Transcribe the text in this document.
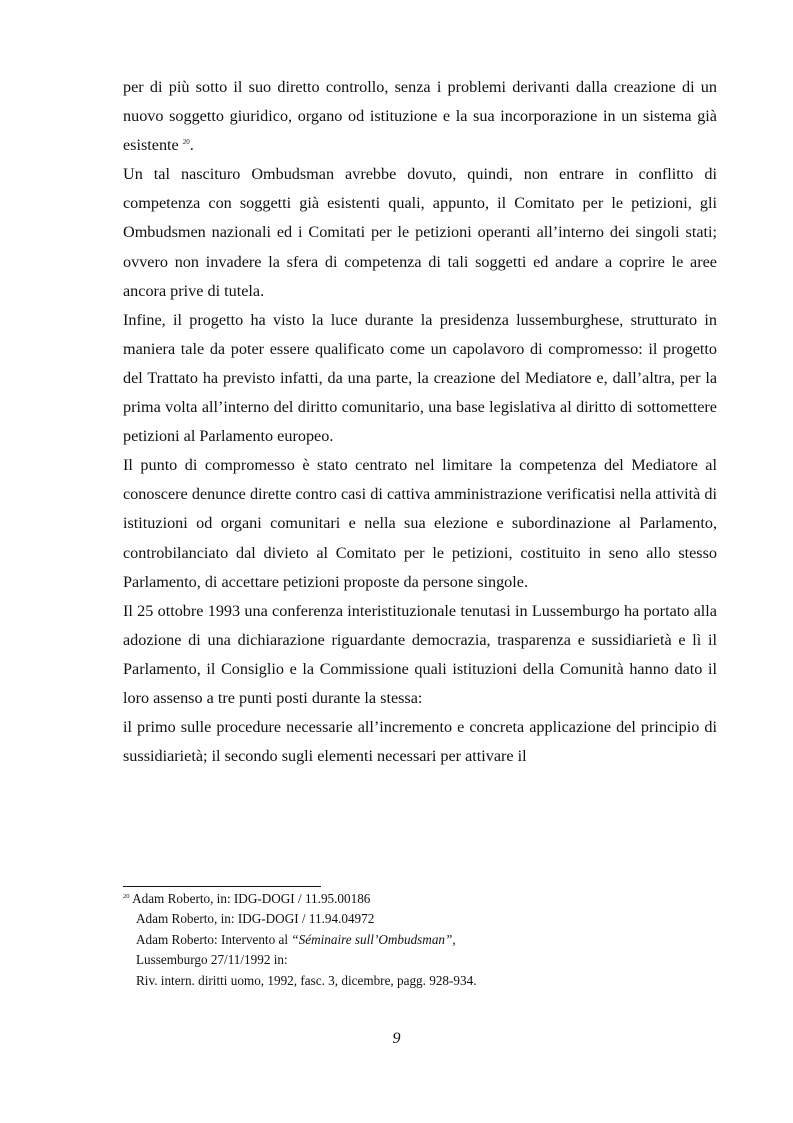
per di più sotto il suo diretto controllo, senza i problemi derivanti dalla creazione di un nuovo soggetto giuridico, organo od istituzione e la sua incorporazione in un sistema già esistente $^{20}$.

Un tal nascituro Ombudsman avrebbe dovuto, quindi, non entrare in conflitto di competenza con soggetti già esistenti quali, appunto, il Comitato per le petizioni, gli Ombudsmen nazionali ed i Comitati per le petizioni operanti all’interno dei singoli stati; ovvero non invadere la sfera di competenza di tali soggetti ed andare a coprire le aree ancora prive di tutela.

Infine, il progetto ha visto la luce durante la presidenza lussemburghese, strutturato in maniera tale da poter essere qualificato come un capolavoro di compromesso: il progetto del Trattato ha previsto infatti, da una parte, la creazione del Mediatore e, dall’altra, per la prima volta all’interno del diritto comunitario, una base legislativa al diritto di sottomettere petizioni al Parlamento europeo.

Il punto di compromesso è stato centrato nel limitare la competenza del Mediatore al conoscere denunce dirette contro casi di cattiva amministrazione verificatisi nella attività di istituzioni od organi comunitari e nella sua elezione e subordinazione al Parlamento, controbilanciato dal divieto al Comitato per le petizioni, costituito in seno allo stesso Parlamento, di accettare petizioni proposte da persone singole.

Il 25 ottobre 1993 una conferenza interistituzionale tenutasi in Lussemburgo ha portato alla adozione di una dichiarazione riguardante democrazia, trasparenza e sussidiarietà e lì il Parlamento, il Consiglio e la Commissione quali istituzioni della Comunità hanno dato il loro assenso a tre punti posti durante la stessa:

il primo sulle procedure necessarie all’incremento e concreta applicazione del principio di sussidiarietà; il secondo sugli elementi necessari per attivare il

$^{20}$ Adam Roberto, in: IDG-DOGI / 11.95.00186
Adam Roberto, in: IDG-DOGI / 11.94.04972
Adam Roberto: Intervento al “Séminaire sull’Ombudsman”,
Lussemburgo 27/11/1992 in:
Riv. intern. diritti uomo, 1992, fasc. 3, dicembre, pagg. 928-934.
9
